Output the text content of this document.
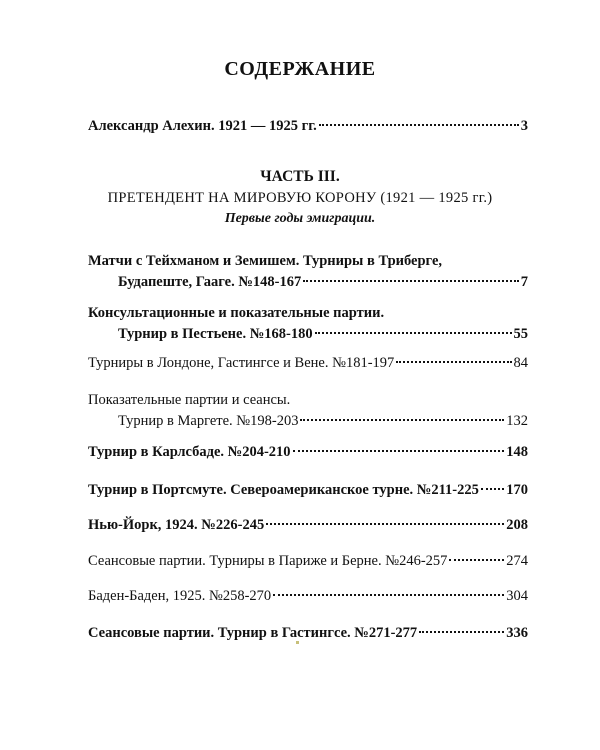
СОДЕРЖАНИЕ
Александр Алехин. 1921 — 1925 гг.	3
ЧАСТЬ III.
ПРЕТЕНДЕНТ НА МИРОВУЮ КОРОНУ (1921 — 1925 гг.)
Первые годы эмиграции.
Матчи с Тейхманом и Земишем. Турниры в Триберге,
Будапеште, Гааге. №148-167	7
Консультационные и показательные партии.
Турнир в Пестьене. №168-180	55
Турниры в Лондоне, Гастингсе и Вене. №181-197	84
Показательные партии и сеансы.
Турнир в Маргете. №198-203	132
Турнир в Карлсбаде. №204-210	148
Турнир в Портсмуте. Североамериканское турне. №211-225 170
Нью-Йорк, 1924. №226-245	208
Сеансовые партии. Турниры в Париже и Берне. №246-257	274
Баден-Баден, 1925. №258-270	304
Сеансовые партии. Турнир в Гастингсе. №271-277	336
